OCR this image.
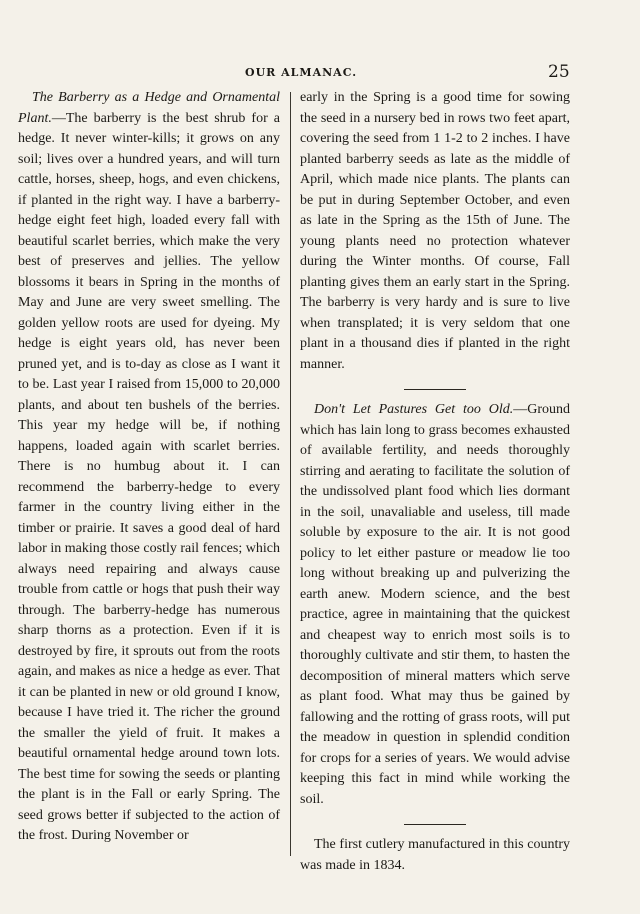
OUR ALMANAC.	25

The Barberry as a Hedge and Ornamental Plant.—The barberry is the best shrub for a hedge. It never winter-kills; it grows on any soil; lives over a hundred years, and will turn cattle, horses, sheep, hogs, and even chickens, if planted in the right way. I have a barberry-hedge eight feet high, loaded every fall with beautiful scarlet berries, which make the very best of preserves and jellies. The yellow blossoms it bears in Spring in the months of May and June are very sweet smelling. The golden yellow roots are used for dyeing. My hedge is eight years old, has never been pruned yet, and is to-day as close as I want it to be. Last year I raised from 15,000 to 20,000 plants, and about ten bushels of the berries. This year my hedge will be, if nothing happens, loaded again with scarlet berries. There is no humbug about it. I can recommend the barberry-hedge to every farmer in the country living either in the timber or prairie. It saves a good deal of hard labor in making those costly rail fences; which always need repairing and always cause trouble from cattle or hogs that push their way through. The barberry-hedge has numerous sharp thorns as a protection. Even if it is destroyed by fire, it sprouts out from the roots again, and makes as nice a hedge as ever. That it can be planted in new or old ground I know, because I have tried it. The richer the ground the smaller the yield of fruit. It makes a beautiful ornamental hedge around town lots. The best time for sowing the seeds or planting the plant is in the Fall or early Spring. The seed grows better if subjected to the action of the frost. During November or

early in the Spring is a good time for sowing the seed in a nursery bed in rows two feet apart, covering the seed from 1 1-2 to 2 inches. I have planted barberry seeds as late as the middle of April, which made nice plants. The plants can be put in during September October, and even as late in the Spring as the 15th of June. The young plants need no protection whatever during the Winter months. Of course, Fall planting gives them an early start in the Spring. The barberry is very hardy and is sure to live when transplated; it is very seldom that one plant in a thousand dies if planted in the right manner.

Don't Let Pastures Get too Old.—Ground which has lain long to grass becomes exhausted of available fertility, and needs thoroughly stirring and aerating to facilitate the solution of the undissolved plant food which lies dormant in the soil, unavaliable and useless, till made soluble by exposure to the air. It is not good policy to let either pasture or meadow lie too long without breaking up and pulverizing the earth anew. Modern science, and the best practice, agree in maintaining that the quickest and cheapest way to enrich most soils is to thoroughly cultivate and stir them, to hasten the decomposition of mineral matters which serve as plant food. What may thus be gained by fallowing and the rotting of grass roots, will put the meadow in question in splendid condition for crops for a series of years. We would advise keeping this fact in mind while working the soil.

The first cutlery manufactured in this country was made in 1834.
